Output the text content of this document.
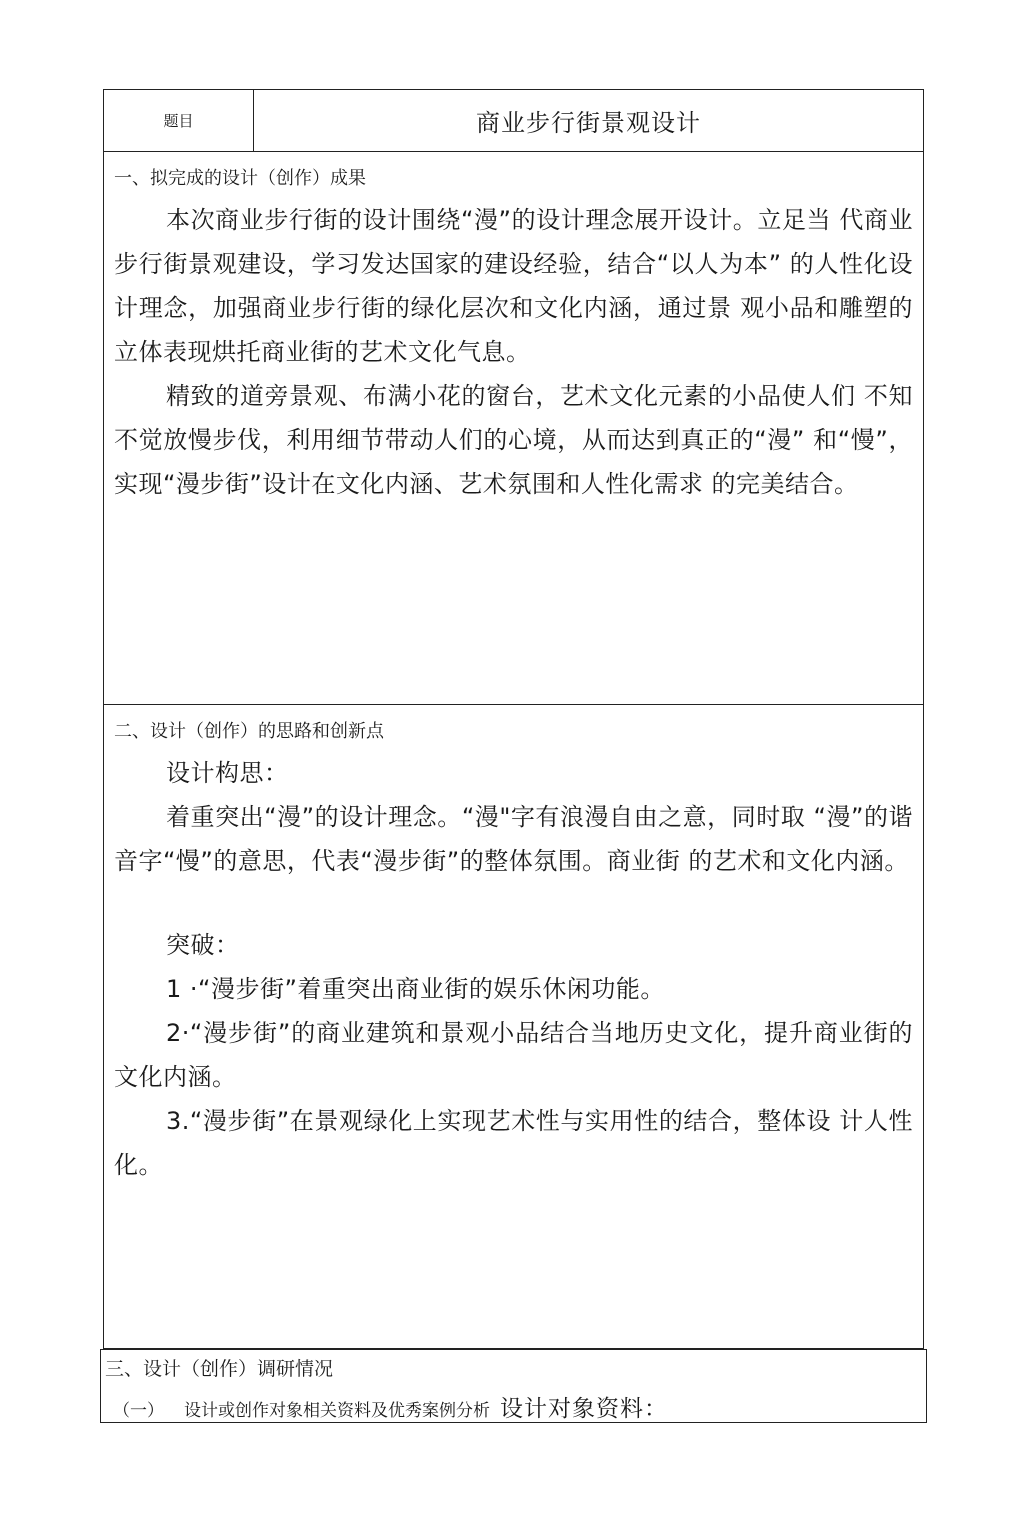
题目	商业步行街景观设计
一、拟完成的设计（创作）成果

本次商业步行街的设计围绕“漫”的设计理念展开设计。立足当 代商业步行街景观建设，学习发达国家的建设经验，结合“以人为本” 的人性化设计理念，加强商业步行街的绿化层次和文化内涵，通过景 观小品和雕塑的立体表现烘托商业街的艺术文化气息。

精致的道旁景观、布满小花的窗台，艺术文化元素的小品使人们 不知不觉放慢步伐，利用细节带动人们的心境，从而达到真正的“漫” 和“慢”，实现“漫步街”设计在文化内涵、艺术氛围和人性化需求 的完美结合。

二、设计（创作）的思路和创新点

设计构思：

着重突出“漫”的设计理念。“漫"字有浪漫自由之意，同时取 “漫”的谐音字“慢”的意思，代表“漫步街”的整体氛围。商业街 的艺术和文化内涵。

突破：

1 ·“漫步街”着重突出商业街的娱乐休闲功能。

2·“漫步街”的商业建筑和景观小品结合当地历史文化，提升商业街的文化内涵。

3.“漫步街”在景观绿化上实现艺术性与实用性的结合，整体设 计人性化。

三、设计（创作）调研情况
（一） 设计或创作对象相关资料及优秀案例分析 设计对象资料：
